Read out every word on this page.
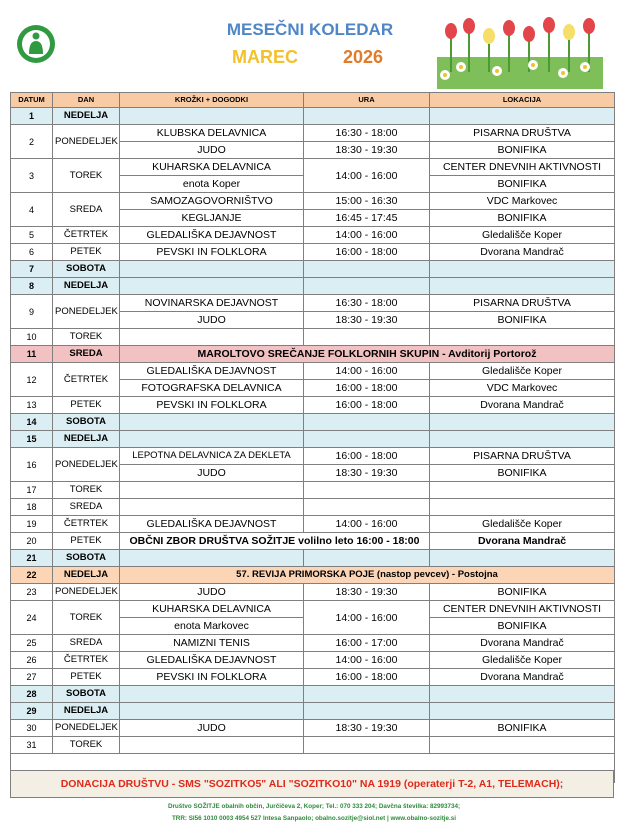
MESEČNI KOLEDAR
MAREC	2026
DATUM	DAN	KROŽKI + DOGODKI	URA	LOKACIJA
1	NEDELJA			
2	PONEDELJEK	KLUBSKA DELAVNICA	16:30 - 18:00	PISARNA DRUŠTVA
		JUDO	18:30 - 19:30	BONIFIKA
3	TOREK	KUHARSKA DELAVNICA	14:00 - 16:00	CENTER DNEVNIH AKTIVNOSTI
		enota Koper		BONIFIKA
4	SREDA	SAMOZAGOVORNIŠTVO	15:00 - 16:30	VDC Markovec
		KEGLJANJE	16:45 - 17:45	BONIFIKA
5	ČETRTEK	GLEDALIŠKA DEJAVNOST	14:00 - 16:00	Gledališče Koper
6	PETEK	PEVSKI IN FOLKLORA	16:00 - 18:00	Dvorana Mandrač
7	SOBOTA			
8	NEDELJA			
9	PONEDELJEK	NOVINARSKA DEJAVNOST	16:30 - 18:00	PISARNA DRUŠTVA
		JUDO	18:30 - 19:30	BONIFIKA
10	TOREK			
11	SREDA	MAROLTOVO SREČANJE FOLKLORNIH SKUPIN - Avditorij Portorož		
12	ČETRTEK	GLEDALIŠKA DEJAVNOST	14:00 - 16:00	Gledališče Koper
		FOTOGRAFSKA DELAVNICA	16:00 - 18:00	VDC Markovec
13	PETEK	PEVSKI IN FOLKLORA	16:00 - 18:00	Dvorana Mandrač
14	SOBOTA			
15	NEDELJA			
16	PONEDELJEK	LEPOTNA DELAVNICA ZA DEKLETA	16:00 - 18:00	PISARNA DRUŠTVA
		JUDO	18:30 - 19:30	BONIFIKA
17	TOREK			
18	SREDA			
19	ČETRTEK	GLEDALIŠKA DEJAVNOST	14:00 - 16:00	Gledališče Koper
20	PETEK	OBČNI ZBOR DRUŠTVA SOŽITJE volilno leto 16:00 - 18:00		Dvorana Mandrač
21	SOBOTA			
22	NEDELJA	57. REVIJA PRIMORSKA POJE (nastop pevcev) - Postojna		
23	PONEDELJEK	JUDO	18:30 - 19:30	BONIFIKA
24	TOREK	KUHARSKA DELAVNICA	14:00 - 16:00	CENTER DNEVNIH AKTIVNOSTI
		enota Markovec		BONIFIKA
25	SREDA	NAMIZNI TENIS	16:00 - 17:00	Dvorana Mandrač
26	ČETRTEK	GLEDALIŠKA DEJAVNOST	14:00 - 16:00	Gledališče Koper
27	PETEK	PEVSKI IN FOLKLORA	16:00 - 18:00	Dvorana Mandrač
28	SOBOTA			
29	NEDELJA			
30	PONEDELJEK	JUDO	18:30 - 19:30	BONIFIKA
31	TOREK			

DONACIJA DRUŠTVU - SMS "SOZITKO5" ALI "SOZITKO10" NA 1919 (operaterji T-2, A1, TELEMACH);
Društvo SOŽITJE obalnih občin, Jurčičeva 2, Koper; Tel.: 070 333 204; Davčna številka: 82993734;
TRR: SI56 1010 0003 4954 527 Intesa Sanpaolo; obalno.sozitje@siol.net | www.obalno-sozitje.si
